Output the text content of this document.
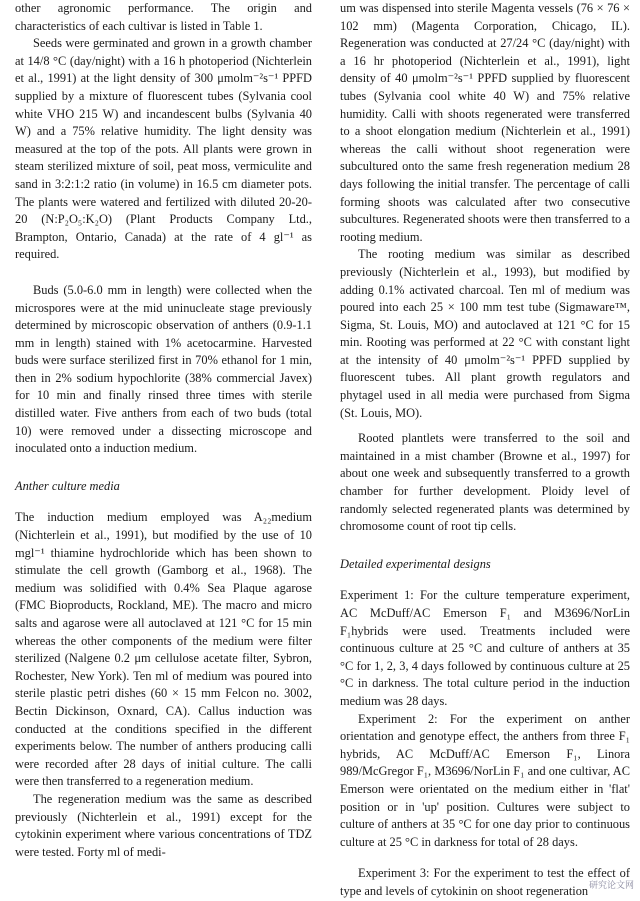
other agronomic performance. The origin and characteristics of each cultivar is listed in Table 1.

Seeds were germinated and grown in a growth chamber at 14/8 °C (day/night) with a 16 h photoperiod (Nichterlein et al., 1991) at the light density of 300 μmolm⁻²s⁻¹ PPFD supplied by a mixture of fluorescent tubes (Sylvania cool white VHO 215 W) and incandescent bulbs (Sylvania 40 W) and a 75% relative humidity. The light density was measured at the top of the pots. All plants were grown in steam sterilized mixture of soil, peat moss, vermiculite and sand in 3:2:1:2 ratio (in volume) in 16.5 cm diameter pots. The plants were watered and fertilized with diluted 20-20-20 (N:P₂O₅:K₂O) (Plant Products Company Ltd., Brampton, Ontario, Canada) at the rate of 4 gl⁻¹ as required.

Buds (5.0-6.0 mm in length) were collected when the microspores were at the mid uninucleate stage previously determined by microscopic observation of anthers (0.9-1.1 mm in length) stained with 1% acetocarmine. Harvested buds were surface sterilized first in 70% ethanol for 1 min, then in 2% sodium hypochlorite (38% commercial Javex) for 10 min and finally rinsed three times with sterile distilled water. Five anthers from each of two buds (total 10) were removed under a dissecting microscope and inoculated onto a induction medium.

Anther culture media

The induction medium employed was A₂₂medium (Nichterlein et al., 1991), but modified by the use of 10 mgl⁻¹ thiamine hydrochloride which has been shown to stimulate the cell growth (Gamborg et al., 1968). The medium was solidified with 0.4% Sea Plaque agarose (FMC Bioproducts, Rockland, ME). The macro and micro salts and agarose were all autoclaved at 121 °C for 15 min whereas the other components of the medium were filter sterilized (Nalgene 0.2 μm cellulose acetate filter, Sybron, Rochester, New York). Ten ml of medium was poured into sterile plastic petri dishes (60 × 15 mm Felcon no. 3002, Bectin Dickinson, Oxnard, CA). Callus induction was conducted at the conditions specified in the different experiments below. The number of anthers producing calli were recorded after 28 days of initial culture. The calli were then transferred to a regeneration medium.

The regeneration medium was the same as described previously (Nichterlein et al., 1991) except for the cytokinin experiment where various concentrations of TDZ were tested. Forty ml of medi-

um was dispensed into sterile Magenta vessels (76 × 76 × 102 mm) (Magenta Corporation, Chicago, IL). Regeneration was conducted at 27/24 °C (day/night) with a 16 hr photoperiod (Nichterlein et al., 1991), light density of 40 μmolm⁻²s⁻¹ PPFD supplied by fluorescent tubes (Sylvania cool white 40 W) and 75% relative humidity. Calli with shoots regenerated were transferred to a shoot elongation medium (Nichterlein et al., 1991) whereas the calli without shoot regeneration were subcultured onto the same fresh regeneration medium 28 days following the initial transfer. The percentage of calli forming shoots was calculated after two consecutive subcultures. Regenerated shoots were then transferred to a rooting medium.

The rooting medium was similar as described previously (Nichterlein et al., 1993), but modified by adding 0.1% activated charcoal. Ten ml of medium was poured into each 25 × 100 mm test tube (Sigmaware™, Sigma, St. Louis, MO) and autoclaved at 121 °C for 15 min. Rooting was performed at 22 °C with constant light at the intensity of 40 μmolm⁻²s⁻¹ PPFD supplied by fluorescent tubes. All plant growth regulators and phytagel used in all media were purchased from Sigma (St. Louis, MO).

Rooted plantlets were transferred to the soil and maintained in a mist chamber (Browne et al., 1997) for about one week and subsequently transferred to a growth chamber for further development. Ploidy level of randomly selected regenerated plants was determined by chromosome count of root tip cells.

Detailed experimental designs

Experiment 1: For the culture temperature experiment, AC McDuff/AC Emerson F₁ and M3696/NorLin F₁hybrids were used. Treatments included were continuous culture at 25 °C and culture of anthers at 35 °C for 1, 2, 3, 4 days followed by continuous culture at 25 °C in darkness. The total culture period in the induction medium was 28 days.

Experiment 2: For the experiment on anther orientation and genotype effect, the anthers from three F₁ hybrids, AC McDuff/AC Emerson F₁, Linora 989/McGregor F₁, M3696/NorLin F₁ and one cultivar, AC Emerson were orientated on the medium either in 'flat' position or in 'up' position. Cultures were subject to culture of anthers at 35 °C for one day prior to continuous culture at 25 °C in darkness for total of 28 days.

Experiment 3: For the experiment to test the effect of type and levels of cytokinin on shoot regeneration 研究论文网
